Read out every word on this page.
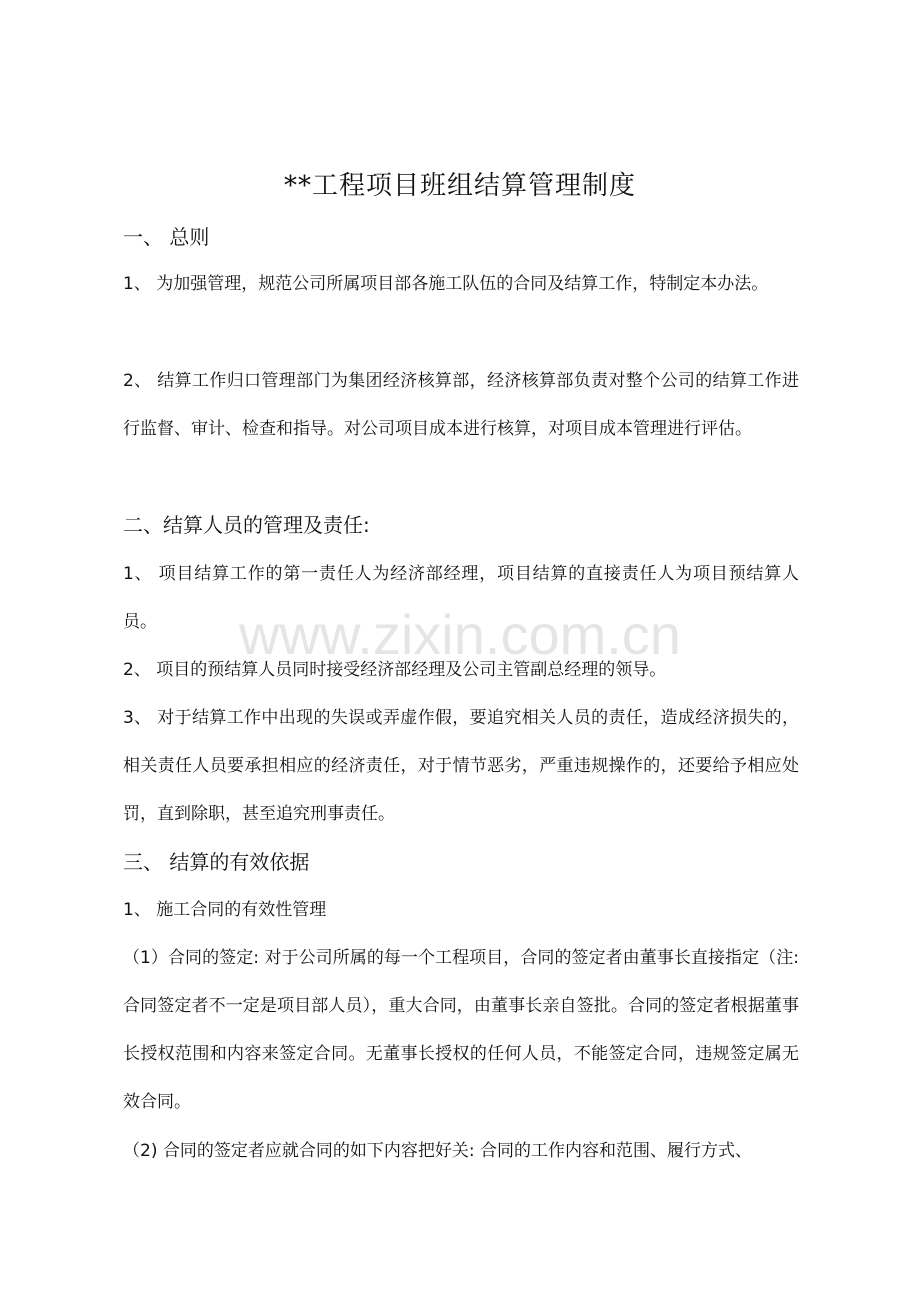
www.zixin.com.cn
**工程项目班组结算管理制度
一、 总则

1、 为加强管理，规范公司所属项目部各施工队伍的合同及结算工作，特制定本办法。

2、 结算工作归口管理部门为集团经济核算部，经济核算部负责对整个公司的结算工作进行监督、审计、检查和指导。对公司项目成本进行核算，对项目成本管理进行评估。

二、结算人员的管理及责任:

1、 项目结算工作的第一责任人为经济部经理，项目结算的直接责任人为项目预结算人员。

2、 项目的预结算人员同时接受经济部经理及公司主管副总经理的领导。

3、 对于结算工作中出现的失误或弄虚作假，要追究相关人员的责任，造成经济损失的，相关责任人员要承担相应的经济责任，对于情节恶劣，严重违规操作的，还要给予相应处罚，直到除职，甚至追究刑事责任。

三、 结算的有效依据

1、 施工合同的有效性管理

（1）合同的签定: 对于公司所属的每一个工程项目，合同的签定者由董事长直接指定（注: 合同签定者不一定是项目部人员），重大合同，由董事长亲自签批。合同的签定者根据董事长授权范围和内容来签定合同。无董事长授权的任何人员，不能签定合同，违规签定属无效合同。

（2) 合同的签定者应就合同的如下内容把好关: 合同的工作内容和范围、履行方式、
